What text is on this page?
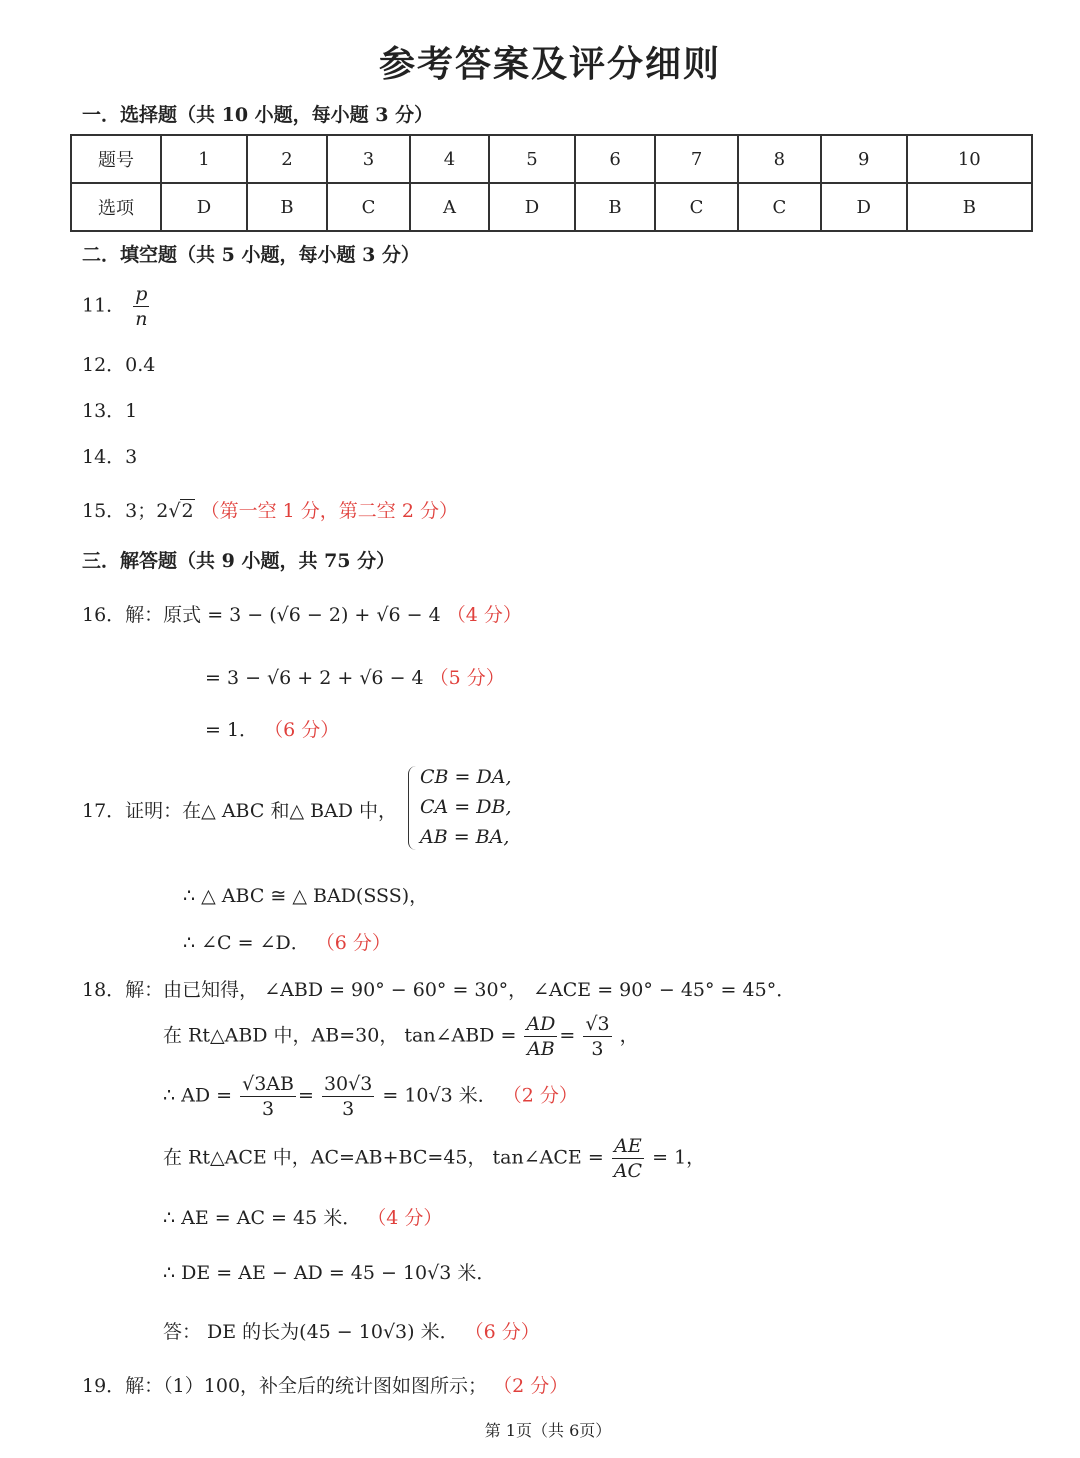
参考答案及评分细则
一．选择题（共 10 小题，每小题 3 分）
题号	1	2	3	4	5	6	7	8	9	10
选项	D	B	C	A	D	B	C	C	D	B
二．填空题（共 5 小题，每小题 3 分）
11． $\frac{p}{n}$
12．0.4
13．1
14．3
15．3；2√2 （第一空 1 分，第二空 2 分）
三．解答题（共 9 小题，共 75 分）
16．解：原式 = 3 − (√6 − 2) + √6 − 4 （4 分）
= 3 − √6 + 2 + √6 − 4 （5 分）
= 1． （6 分）
17．证明：在△ ABC 和△ BAD 中，
CB = DA,
CA = DB,
AB = BA,
∴ △ ABC ≅ △ BAD(SSS)，
∴ ∠C = ∠D． （6 分）
18．解：由已知得， ∠ABD = 90° − 60° = 30°， ∠ACE = 90° − 45° = 45°．
在 Rt△ABD 中，AB=30， tan∠ABD = $\frac{AD}{AB} = \frac{√3}{3}$ ，
∴ AD = $\frac{√3AB}{3} = \frac{30√3}{3} = 10√3$ 米． （2 分）
在 Rt△ACE 中，AC=AB+BC=45， tan∠ACE = $\frac{AE}{AC} = 1$，
∴ AE = AC = 45 米． （4 分）
∴ DE = AE − AD = 45 − 10√3 米．
答： DE 的长为(45 − 10√3) 米． （6 分）
19．解：（1）100，补全后的统计图如图所示； （2 分）
第 1页（共 6页）
